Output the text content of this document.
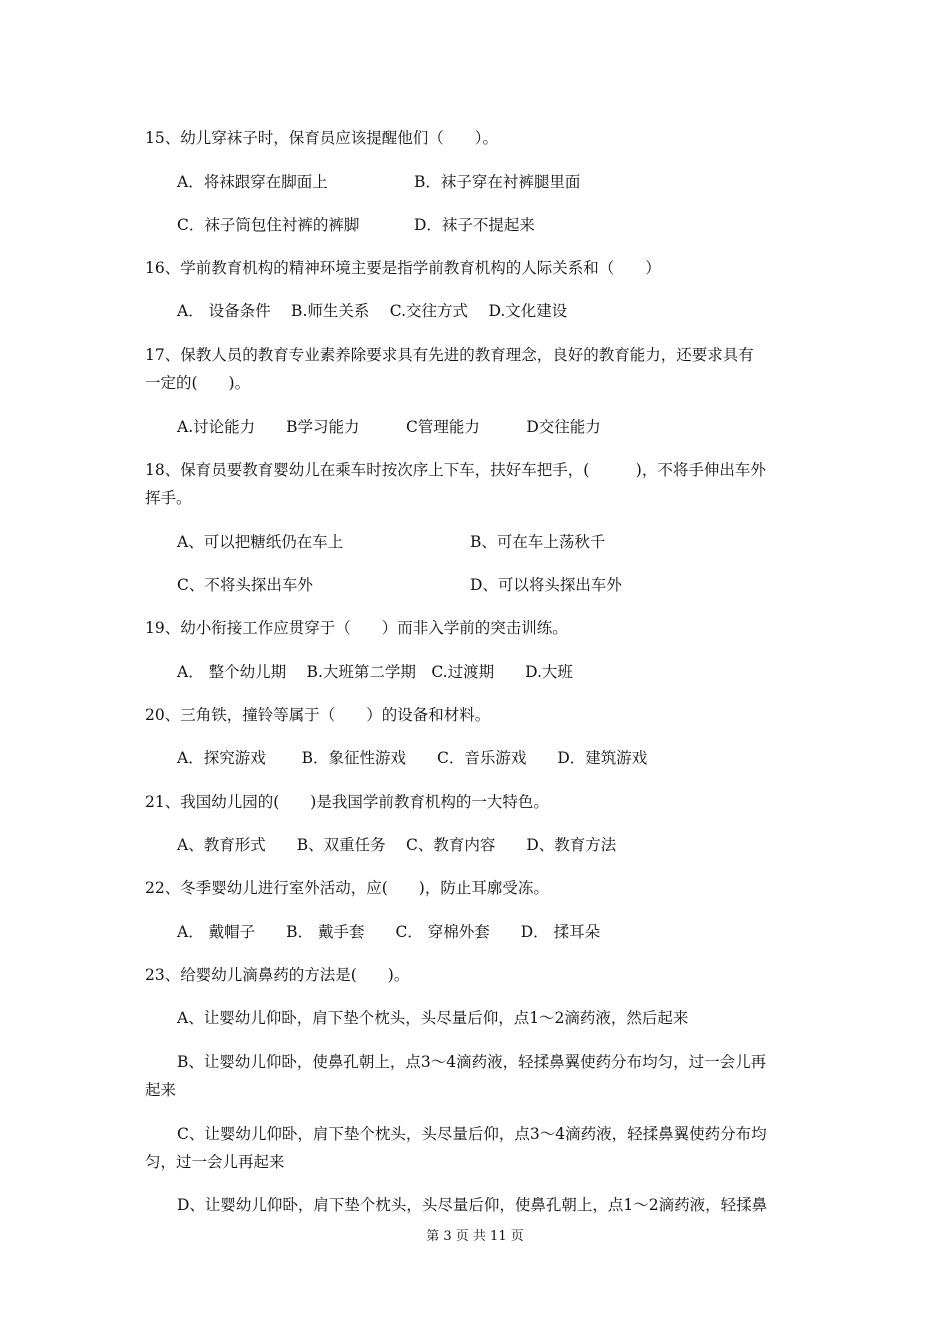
15、幼儿穿袜子时，保育员应该提醒他们（　　）。
A．将袜跟穿在脚面上	B．袜子穿在衬裤腿里面
C．袜子筒包住衬裤的裤脚	D．袜子不提起来
16、学前教育机构的精神环境主要是指学前教育机构的人际关系和（　　）
A． 设备条件　 B.师生关系　 C.交往方式　 D.文化建设
17、保教人员的教育专业素养除要求具有先进的教育理念，良好的教育能力，还要求具有
一定的(　　)。
A.讨论能力　　B学习能力　　　C管理能力　　　D交往能力
18、保育员要教育婴幼儿在乘车时按次序上下车，扶好车把手，(　　　)，不将手伸出车外
挥手。
A、可以把糖纸仍在车上	B、可在车上荡秋千
C、不将头探出车外	D、可以将头探出车外
19、幼小衔接工作应贯穿于（　　）而非入学前的突击训练。
A． 整个幼儿期　 B.大班第二学期　C.过渡期　　D.大班
20、三角铁，撞铃等属于（　　）的设备和材料。
A．探究游戏　　 B．象征性游戏　　C．音乐游戏　　D．建筑游戏
21、我国幼儿园的(　　)是我国学前教育机构的一大特色。
A、教育形式　　B、双重任务　 C、教育内容　　D、教育方法
22、冬季婴幼儿进行室外活动，应(　　)，防止耳廓受冻。
A． 戴帽子　　B． 戴手套　　C． 穿棉外套　　D． 揉耳朵
23、给婴幼儿滴鼻药的方法是(　　)。
A、让婴幼儿仰卧，肩下垫个枕头，头尽量后仰，点1～2滴药液，然后起来
B、让婴幼儿仰卧，使鼻孔朝上，点3～4滴药液，轻揉鼻翼使药分布均匀，过一会儿再
起来
C、让婴幼儿仰卧，肩下垫个枕头，头尽量后仰，点3～4滴药液，轻揉鼻翼使药分布均
匀，过一会儿再起来
D、让婴幼儿仰卧，肩下垫个枕头，头尽量后仰，使鼻孔朝上，点1～2滴药液，轻揉鼻
第 3 页 共 11 页
